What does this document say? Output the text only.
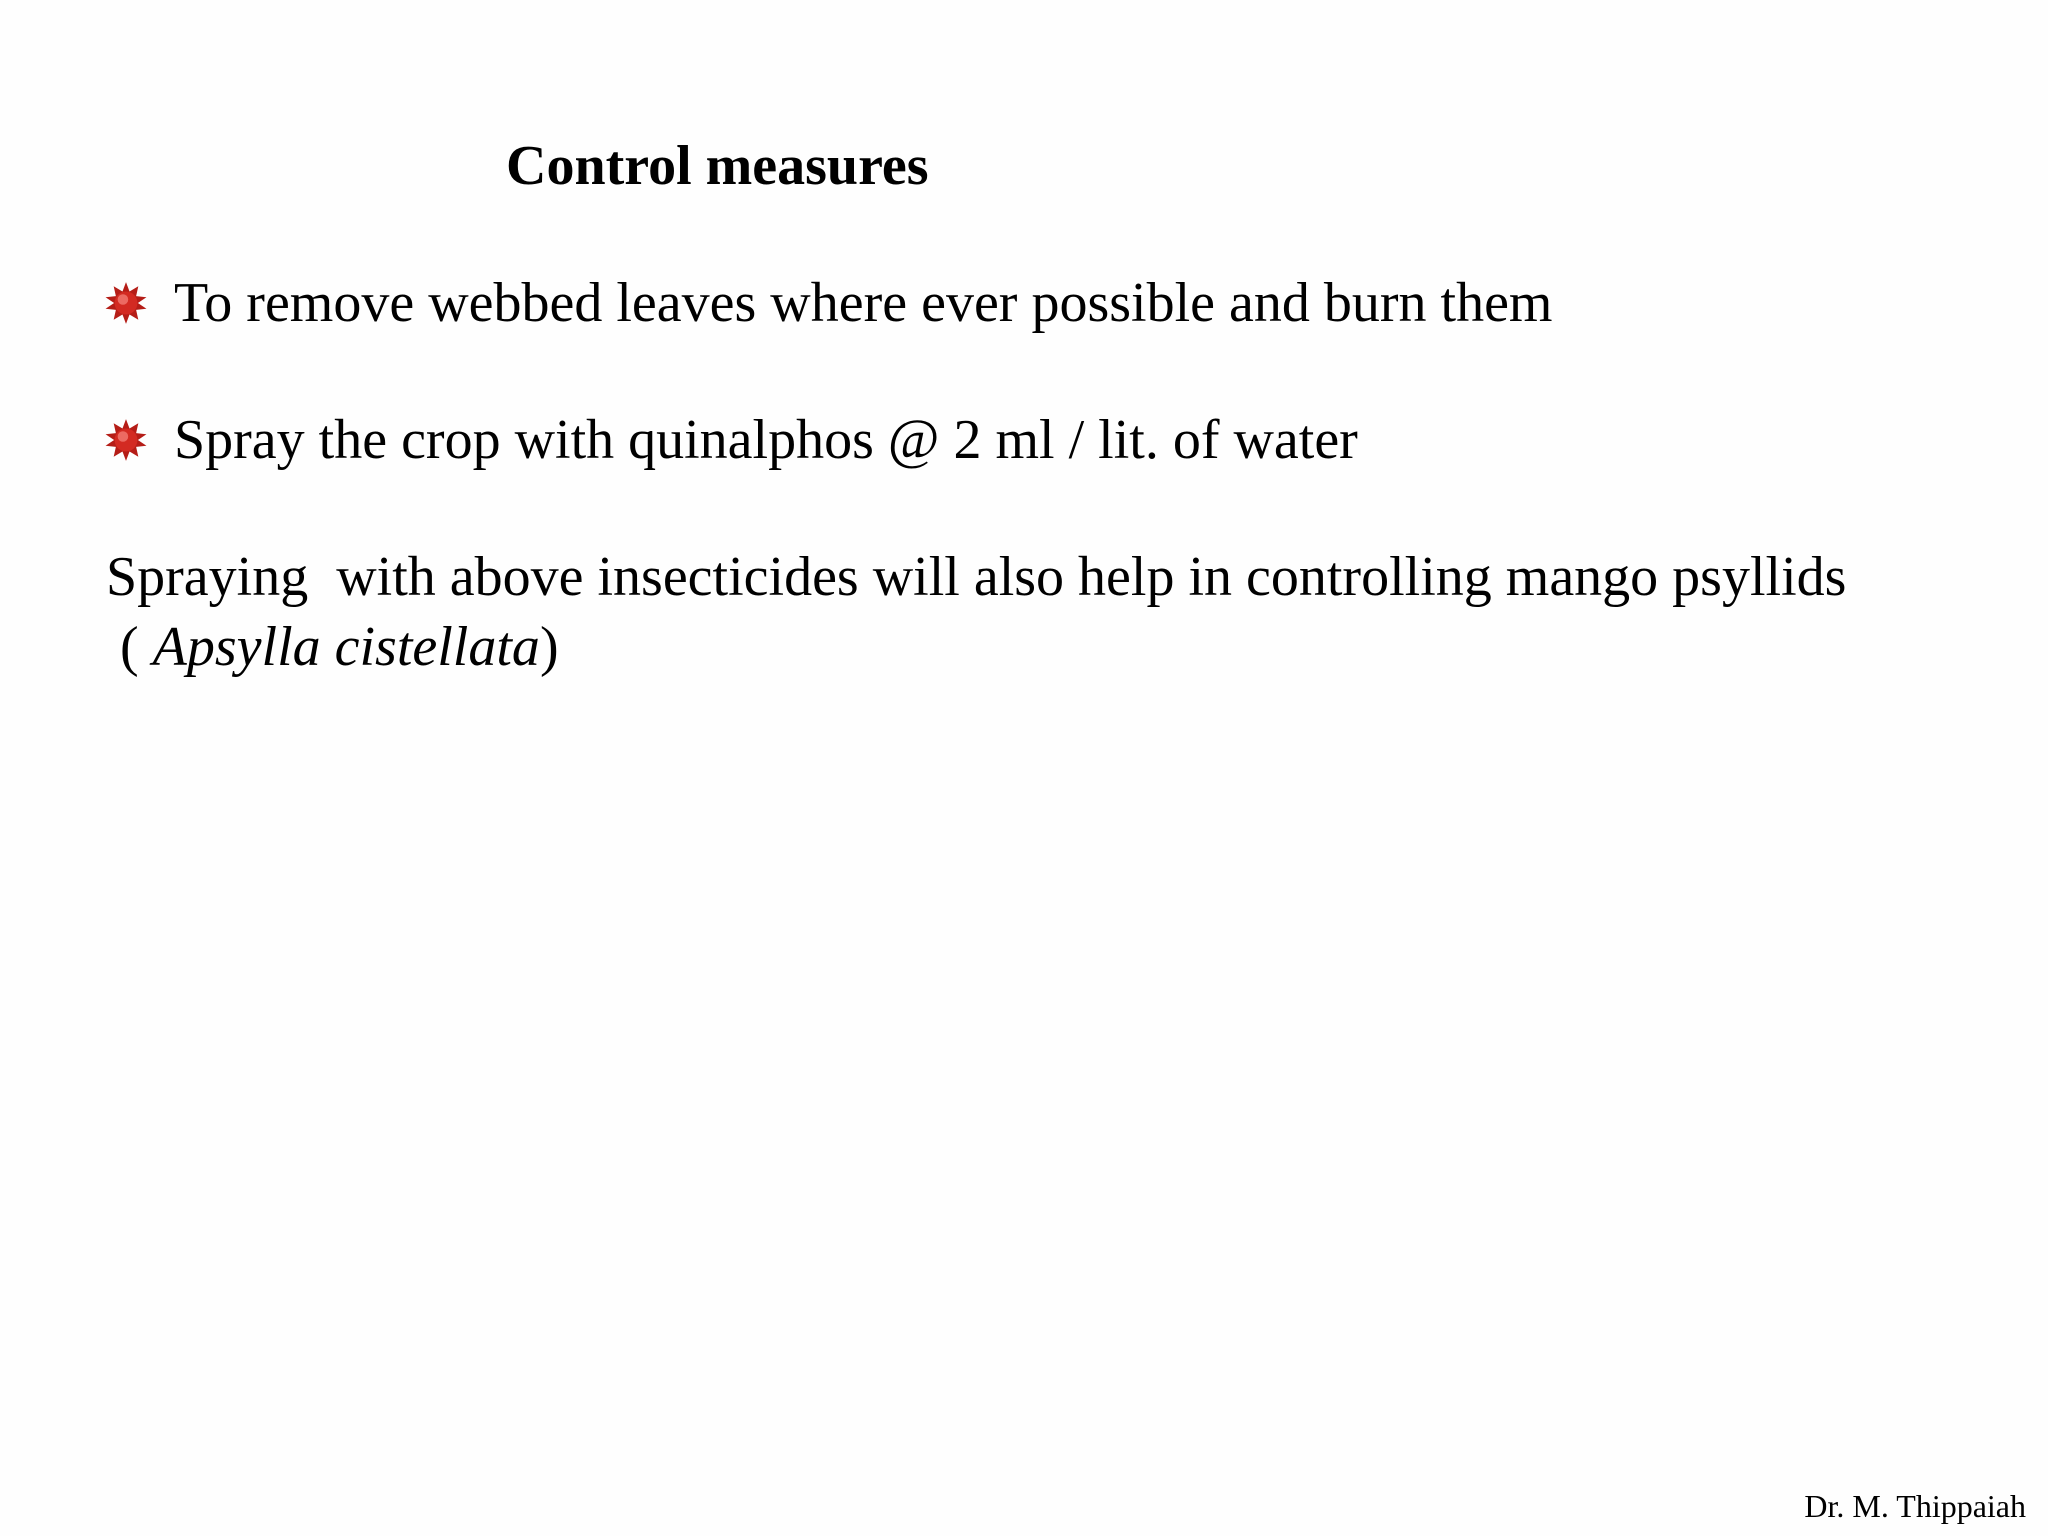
Control measures
To remove webbed leaves where ever possible and burn them
Spray the crop with quinalphos @ 2 ml / lit. of water
Spraying  with above insecticides will also help in controlling mango psyllids
( Apsylla cistellata)
Dr. M. Thippaiah
